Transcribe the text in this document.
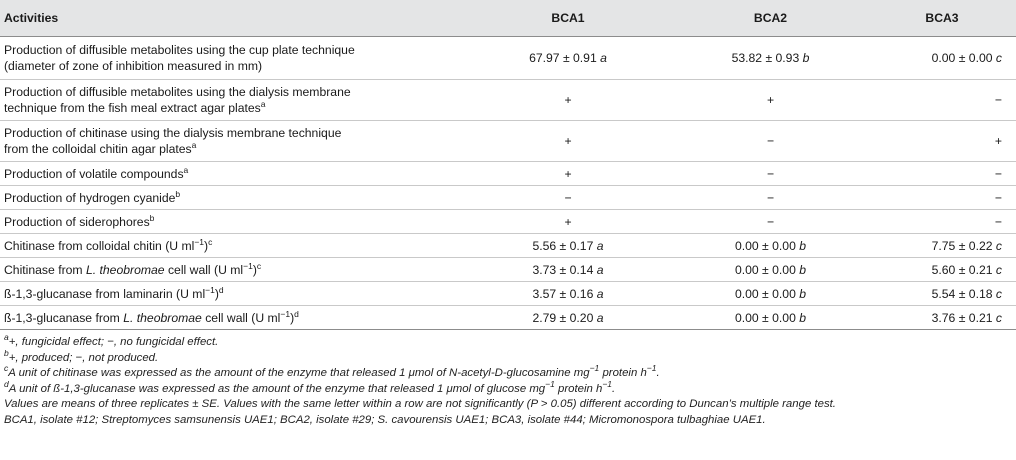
Activities	BCA1	BCA2	BCA3
Production of diffusible metabolites using the cup plate technique
(diameter of zone of inhibition measured in mm)	67.97 ± 0.91 a	53.82 ± 0.93 b	0.00 ± 0.00 c
Production of diffusible metabolites using the dialysis membrane
technique from the fish meal extract agar plates$^a$	+	+	−
Production of chitinase using the dialysis membrane technique
from the colloidal chitin agar plates$^a$	+	−	+
Production of volatile compounds$^a$	+	−	−
Production of hydrogen cyanide$^b$	−	−	−
Production of siderophores$^b$	+	−	−
Chitinase from colloidal chitin (U $ml^{-1})^c$	5.56 ± 0.17 a	0.00 ± 0.00 b	7.75 ± 0.22 c
Chitinase from L. theobromae cell wall (U $ml^{-1})^c$	3.73 ± 0.14 a	0.00 ± 0.00 b	5.60 ± 0.21 c
ß-1,3-glucanase from laminarin (U $ml^{-1})^d$	3.57 ± 0.16 a	0.00 ± 0.00 b	5.54 ± 0.18 c
ß-1,3-glucanase from L. theobromae cell wall (U $ml^{-1})^d$	2.79 ± 0.20 a	0.00 ± 0.00 b	3.76 ± 0.21 c
$^a$+, fungicidal effect; −, no fungicidal effect.
$^b$+, produced; −, not produced.
$^c$A unit of chitinase was expressed as the amount of the enzyme that released 1 μmol of N-acetyl-D-glucosamine $mg^{-1}$ protein $h^{-1}$.
$^d$A unit of ß-1,3-glucanase was expressed as the amount of the enzyme that released 1 μmol of glucose $mg^{-1}$ protein $h^{-1}$.
Values are means of three replicates ± SE. Values with the same letter within a row are not significantly (P > 0.05) different according to Duncan’s multiple range test.
BCA1, isolate #12; Streptomyces samsunensis UAE1; BCA2, isolate #29; S. cavourensis UAE1; BCA3, isolate #44; Micromonospora tulbaghiae UAE1.
